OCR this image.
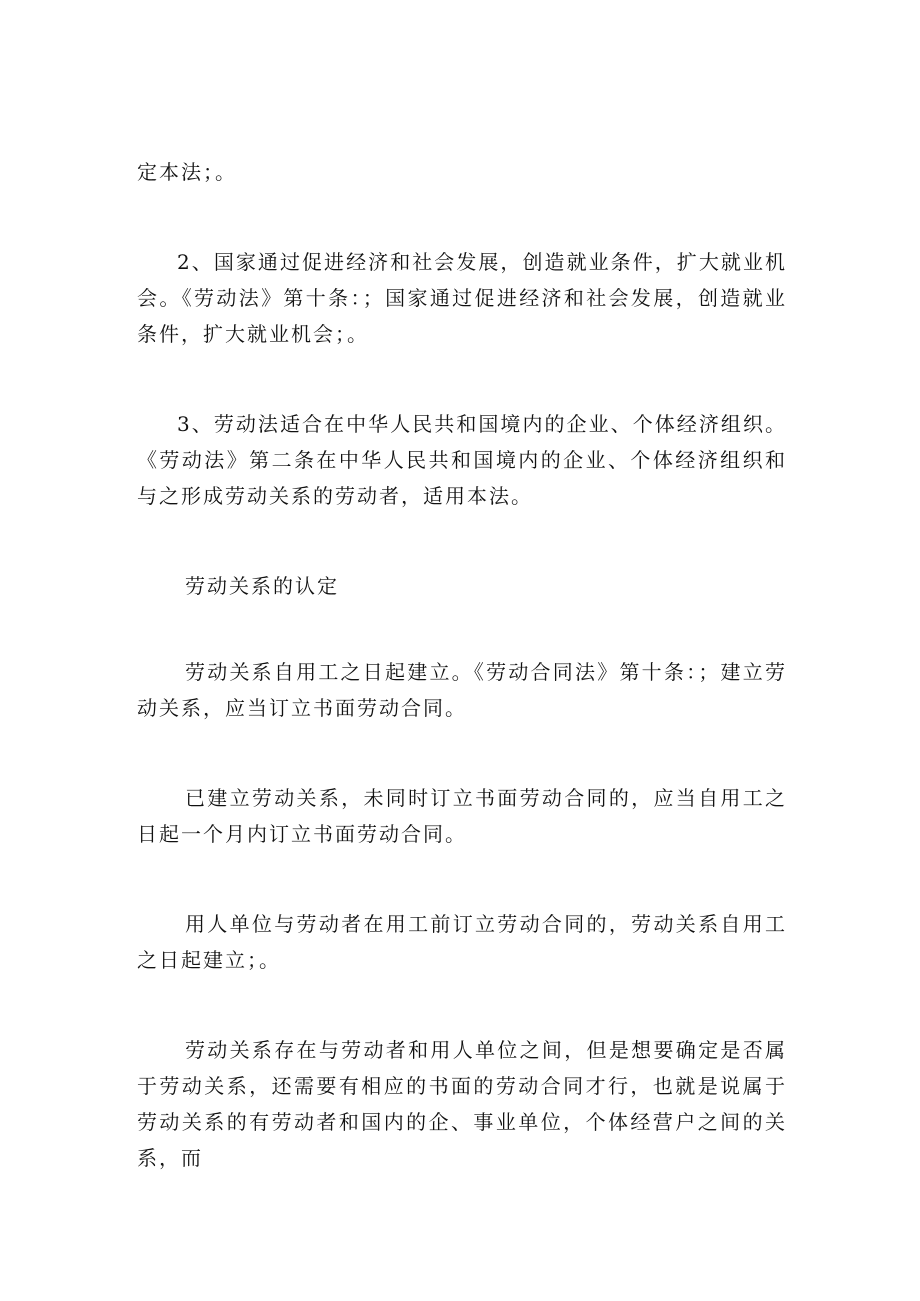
定本法；。

2、国家通过促进经济和社会发展，创造就业条件，扩大就业机会。《劳动法》第十条：；国家通过促进经济和社会发展，创造就业条件，扩大就业机会；。

3、劳动法适合在中华人民共和国境内的企业、个体经济组织。《劳动法》第二条在中华人民共和国境内的企业、个体经济组织和与之形成劳动关系的劳动者，适用本法。

劳动关系的认定

劳动关系自用工之日起建立。《劳动合同法》第十条：；建立劳动关系，应当订立书面劳动合同。

已建立劳动关系，未同时订立书面劳动合同的，应当自用工之日起一个月内订立书面劳动合同。

用人单位与劳动者在用工前订立劳动合同的，劳动关系自用工之日起建立；。

劳动关系存在与劳动者和用人单位之间，但是想要确定是否属于劳动关系，还需要有相应的书面的劳动合同才行，也就是说属于劳动关系的有劳动者和国内的企、事业单位，个体经营户之间的关系，而
